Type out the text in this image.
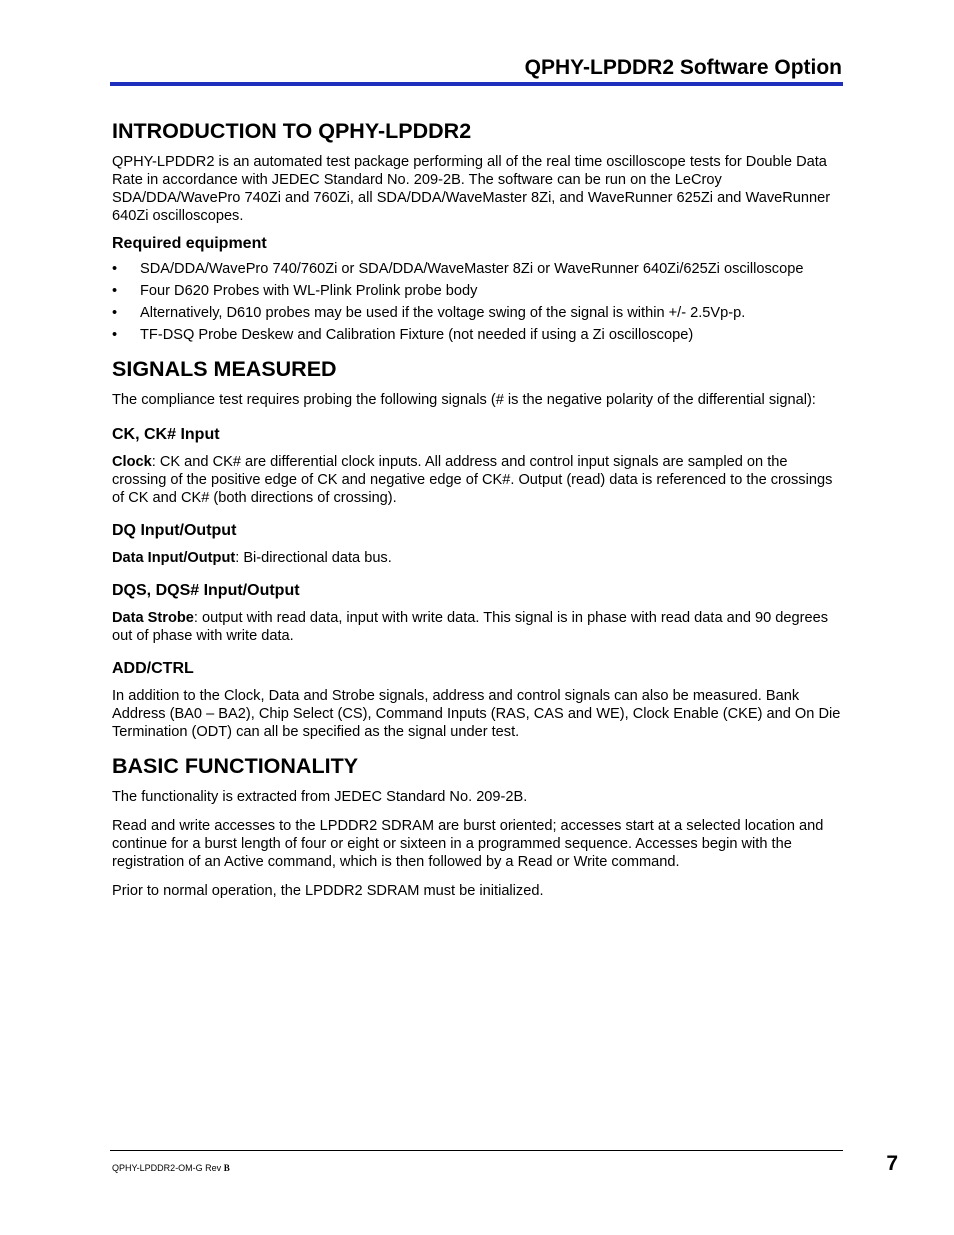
QPHY-LPDDR2 Software Option
INTRODUCTION TO QPHY-LPDDR2

QPHY-LPDDR2 is an automated test package performing all of the real time oscilloscope tests for Double Data Rate in accordance with JEDEC Standard No. 209-2B. The software can be run on the LeCroy SDA/DDA/WavePro 740Zi and 760Zi, all SDA/DDA/WaveMaster 8Zi, and WaveRunner 625Zi and WaveRunner 640Zi oscilloscopes.

Required equipment
• SDA/DDA/WavePro 740/760Zi or SDA/DDA/WaveMaster 8Zi or WaveRunner 640Zi/625Zi oscilloscope
• Four D620 Probes with WL-Plink Prolink probe body
• Alternatively, D610 probes may be used if the voltage swing of the signal is within +/- 2.5Vp-p.
• TF-DSQ Probe Deskew and Calibration Fixture (not needed if using a Zi oscilloscope)
SIGNALS MEASURED

The compliance test requires probing the following signals (# is the negative polarity of the differential signal):

CK, CK# Input

Clock: CK and CK# are differential clock inputs. All address and control input signals are sampled on the crossing of the positive edge of CK and negative edge of CK#. Output (read) data is referenced to the crossings of CK and CK# (both directions of crossing).

DQ Input/Output

Data Input/Output: Bi-directional data bus.

DQS, DQS# Input/Output

Data Strobe: output with read data, input with write data. This signal is in phase with read data and 90 degrees out of phase with write data.

ADD/CTRL

In addition to the Clock, Data and Strobe signals, address and control signals can also be measured. Bank Address (BA0 – BA2), Chip Select (CS), Command Inputs (RAS, CAS and WE), Clock Enable (CKE) and On Die Termination (ODT) can all be specified as the signal under test.

BASIC FUNCTIONALITY

The functionality is extracted from JEDEC Standard No. 209-2B.

Read and write accesses to the LPDDR2 SDRAM are burst oriented; accesses start at a selected location and continue for a burst length of four or eight or sixteen in a programmed sequence. Accesses begin with the registration of an Active command, which is then followed by a Read or Write command.

Prior to normal operation, the LPDDR2 SDRAM must be initialized.

QPHY-LPDDR2-OM-G Rev B	7
